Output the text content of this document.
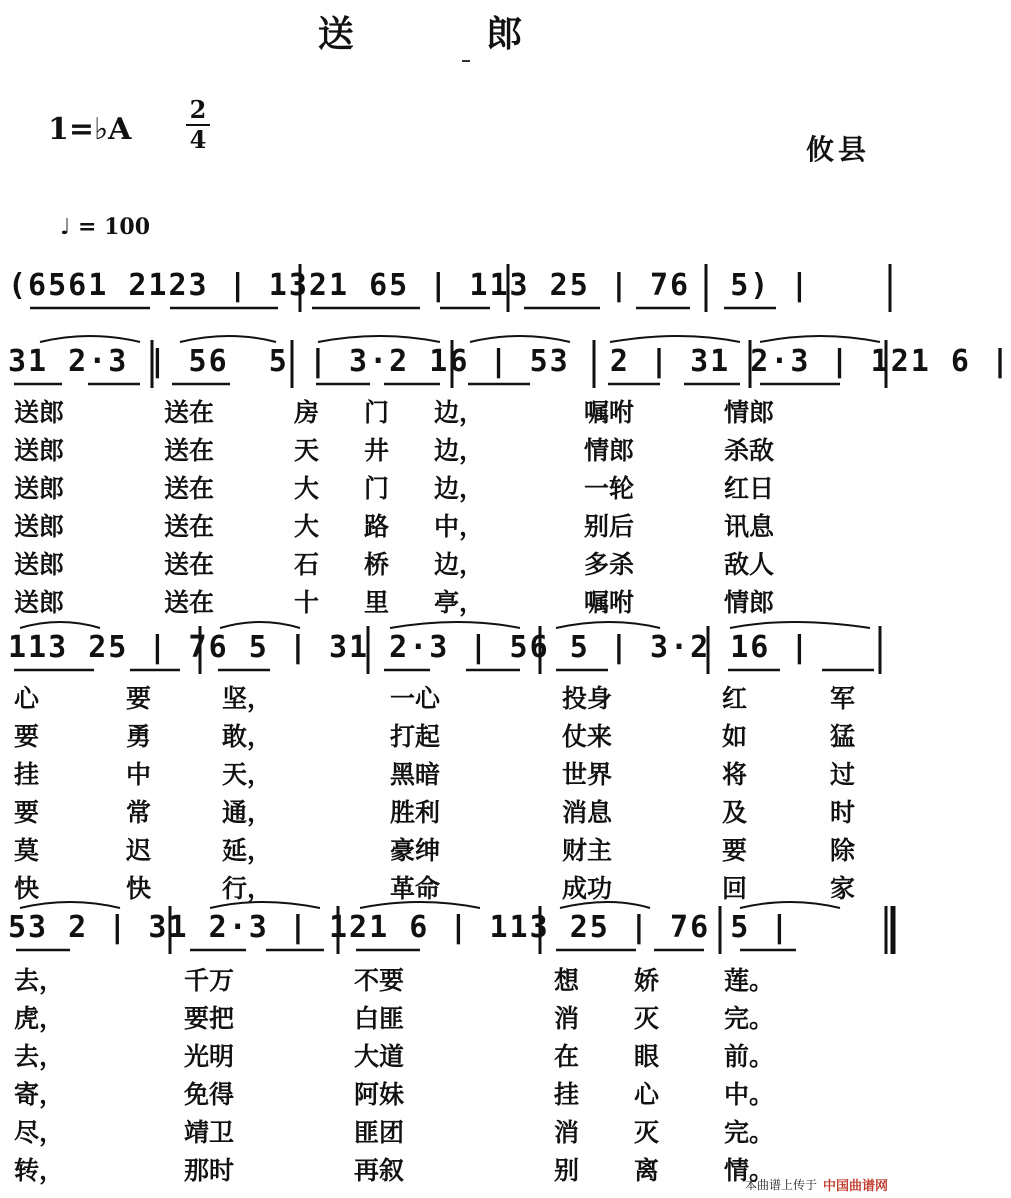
送 郎
1=♭A
2
4	攸县
♩ = 100
(6561 2123 | 1321 65 | 113 25 | 76  5) |
31 2·3 | 56  5 | 3·2 16 | 53  2 | 31 2·3 | 121 6 |
送郎	送在	房	门	边，	嘱咐	情郎
送郎	送在	天	井	边，	情郎	杀敌
送郎	送在	大	门	边，	一轮	红日
送郎	送在	大	路	中，	别后	讯息
送郎	送在	石	桥	边，	多杀	敌人
送郎	送在	十	里	亭，	嘱咐	情郎
113 25 | 76 5 | 31 2·3 | 56 5 | 3·2 16 |
心	要	坚，	一心	投身	红	军
要	勇	敢，	打起	仗来	如	猛
挂	中	天，	黑暗	世界	将	过
要	常	通，	胜利	消息	及	时
莫	迟	延，	豪绅	财主	要	除
快	快	行，	革命	成功	回	家
53 2 | 31 2·3 | 121 6 | 113 25 | 76 5 |
去，	千万	不要	想	娇	莲。
虎，	要把	白匪	消	灭	完。
去，	光明	大道	在	眼	前。
寄，	免得	阿妹	挂	心	中。
尽，	靖卫	匪团	消	灭	完。
转，	那时	再叙	别	离	情。
本曲谱上传于 中国曲谱网
